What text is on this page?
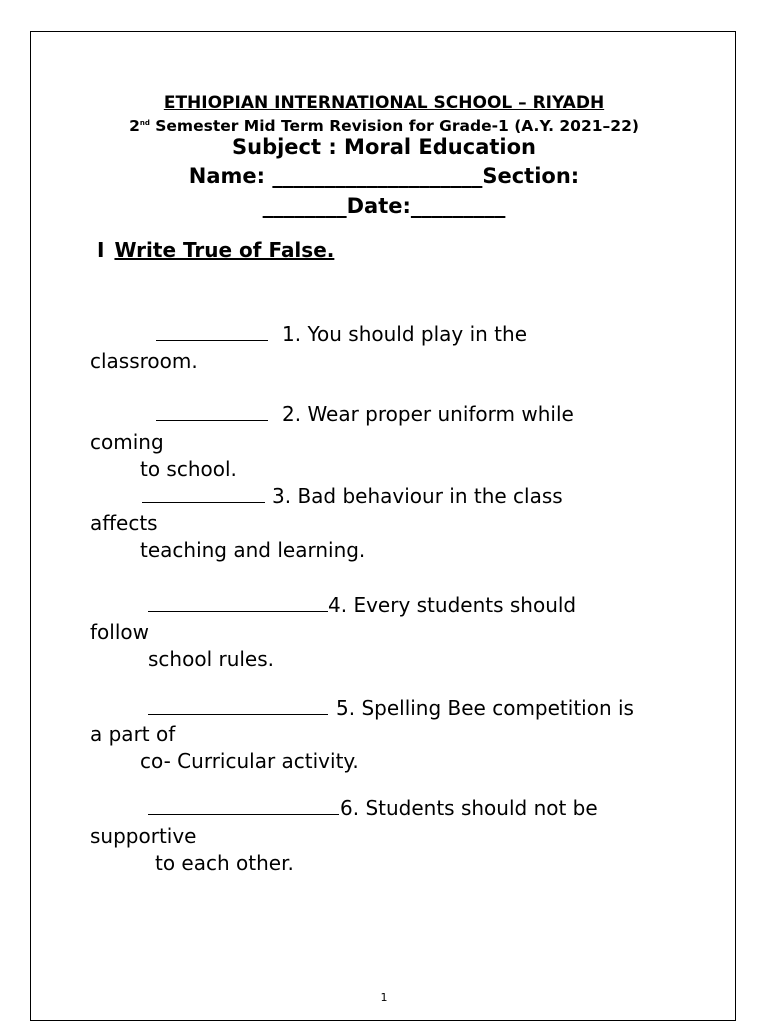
ETHIOPIAN INTERNATIONAL SCHOOL – RIYADH
2nd Semester Mid Term Revision for Grade-1 (A.Y. 2021–22)
Subject : Moral Education
Name: ____________________Section:
________Date:_________
I Write True of False.
1. You should play in the
classroom.
2. Wear proper uniform while
coming
to school.
3. Bad behaviour in the class
affects
teaching and learning.
4. Every students should
follow
school rules.
5. Spelling Bee competition is
a part of
co- Curricular activity.
6. Students should not be
supportive
to each other.
1
